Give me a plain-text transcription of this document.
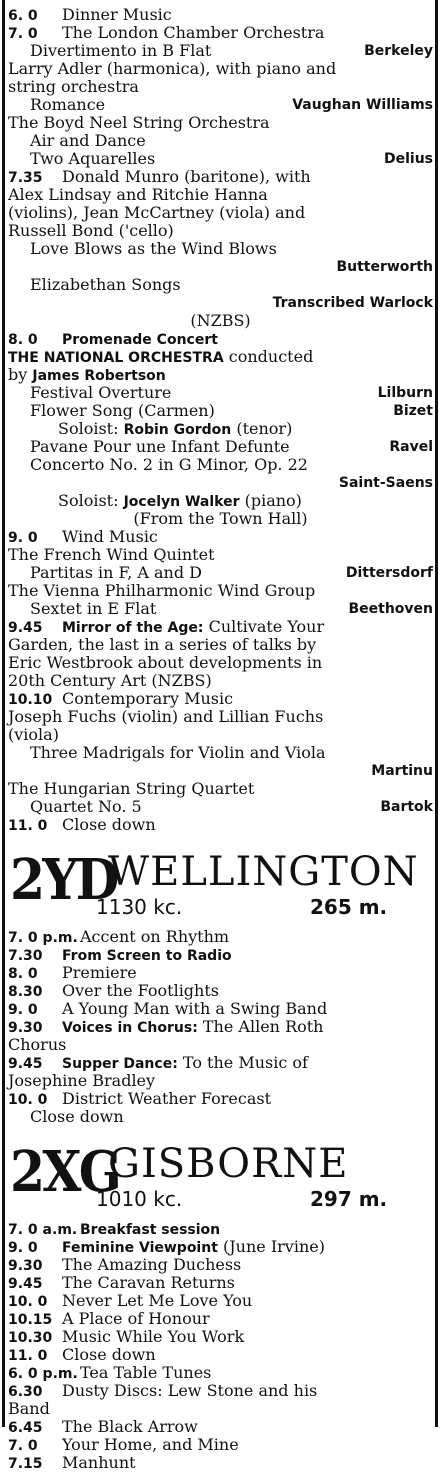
6. 0 Dinner Music
7. 0 The London Chamber Orchestra
Divertimento in B Flat	Berkeley
Larry Adler (harmonica), with piano and
string orchestra
Romance	Vaughan Williams
The Boyd Neel String Orchestra
Air and Dance
Two Aquarelles	Delius
7.35 Donald Munro (baritone), with
Alex Lindsay and Ritchie Hanna
(violins), Jean McCartney (viola) and
Russell Bond ('cello)
Love Blows as the Wind Blows
Butterworth
Elizabethan Songs
Transcribed Warlock
(NZBS)
8. 0 Promenade Concert
THE NATIONAL ORCHESTRA conducted
by James Robertson
Festival Overture	Lilburn
Flower Song (Carmen)	Bizet
Soloist: Robin Gordon (tenor)
Pavane Pour une Infant Defunte	Ravel
Concerto No. 2 in G Minor, Op. 22
Saint-Saens
Soloist: Jocelyn Walker (piano)
(From the Town Hall)
9. 0 Wind Music
The French Wind Quintet
Partitas in F, A and D	Dittersdorf
The Vienna Philharmonic Wind Group
Sextet in E Flat	Beethoven
9.45 Mirror of the Age: Cultivate Your
Garden, the last in a series of talks by
Eric Westbrook about developments in
20th Century Art (NZBS)
10.10 Contemporary Music
Joseph Fuchs (violin) and Lillian Fuchs
(viola)
Three Madrigals for Violin and Viola
Martinu
The Hungarian String Quartet
Quartet No. 5	Bartok
11. 0 Close down
2YD
WELLINGTON
1130 kc.	265 m.
7. 0 p.m. Accent on Rhythm
7.30 From Screen to Radio
8. 0 Premiere
8.30 Over the Footlights
9. 0 A Young Man with a Swing Band
9.30 Voices in Chorus: The Allen Roth
Chorus
9.45 Supper Dance: To the Music of
Josephine Bradley
10. 0 District Weather Forecast
Close down
2XG
GISBORNE
1010 kc.	297 m.
7. 0 a.m. Breakfast session
9. 0 Feminine Viewpoint (June Irvine)
9.30 The Amazing Duchess
9.45 The Caravan Returns
10. 0 Never Let Me Love You
10.15 A Place of Honour
10.30 Music While You Work
11. 0 Close down
6. 0 p.m. Tea Table Tunes
6.30 Dusty Discs: Lew Stone and his
Band
6.45 The Black Arrow
7. 0 Your Home, and Mine
7.15 Manhunt
